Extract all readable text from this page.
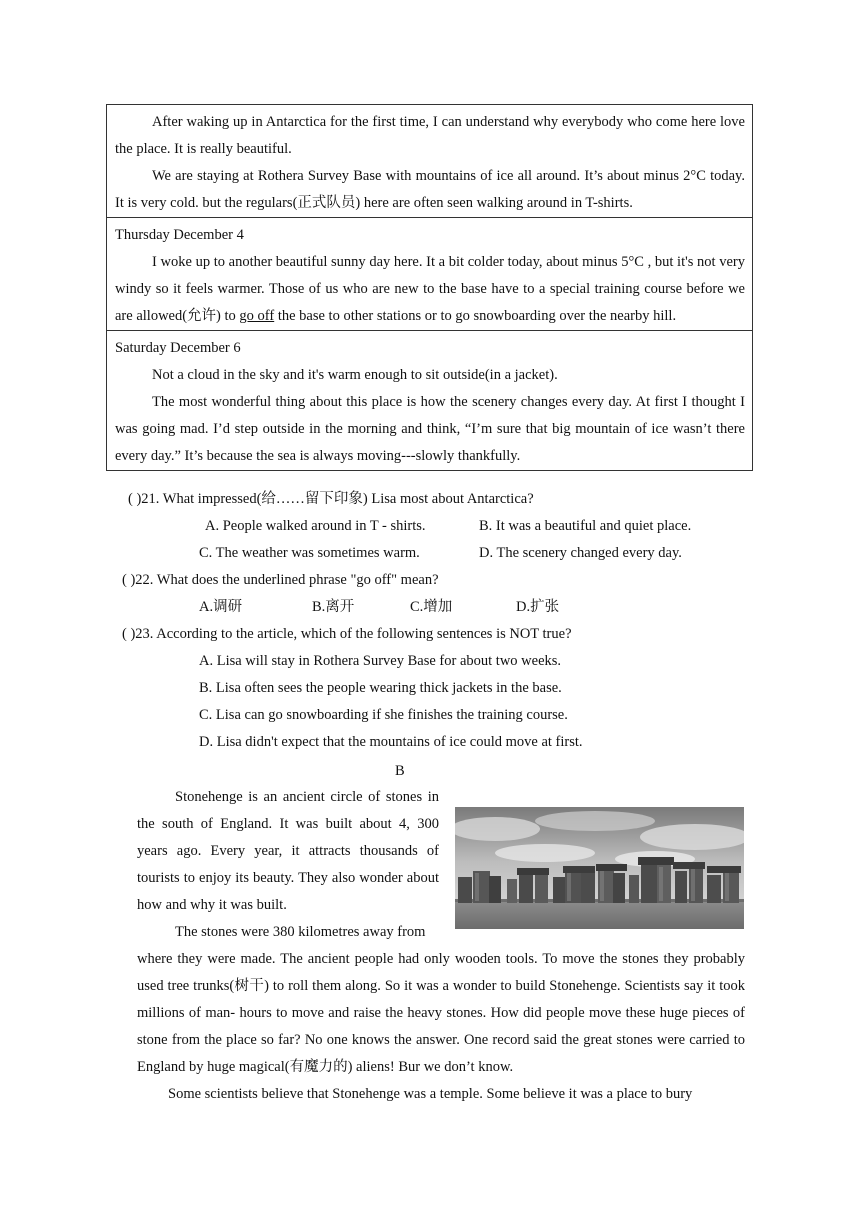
After waking up in Antarctica for the first time, I can understand why everybody who come here love the place. It is really beautiful.

We are staying at Rothera Survey Base with mountains of ice all around. It’s about minus 2°C today. It is very cold. but the regulars(正式队员) here are often seen walking around in T-shirts.

Thursday December 4

I woke up to another beautiful sunny day here. It a bit colder today, about minus 5°C , but it's not very windy so it feels warmer. Those of us who are new to the base have to a special training course before we are allowed(允许) to go off the base to other stations or to go snowboarding over the nearby hill.

Saturday December 6

Not a cloud in the sky and it's warm enough to sit outside(in a jacket).

The most wonderful thing about this place is how the scenery changes every day. At first I thought I was going mad. I’d step outside in the morning and think, “I’m sure that big mountain of ice wasn’t there every day.” It’s because the sea is always moving---slowly thankfully.

( )21. What impressed(给……留下印象) Lisa most about Antarctica?
A. People walked around in T - shirts.	B. It was a beautiful and quiet place.
C. The weather was sometimes warm.	D. The scenery changed every day.
( )22. What does the underlined phrase "go off" mean?
A.调研	B.离开	C.增加	D.扩张
( )23. According to the article, which of the following sentences is NOT true?
A. Lisa will stay in Rothera Survey Base for about two weeks.
B. Lisa often sees the people wearing thick jackets in the base.
C. Lisa can go snowboarding if she finishes the training course.
D. Lisa didn't expect that the mountains of ice could move at first.
B

Stonehenge is an ancient circle of stones in the south of England. It was built about 4, 300 years ago. Every year, it attracts thousands of tourists to enjoy its beauty. They also wonder about how and why it was built.

The stones were 380 kilometres away from

where they were made. The ancient people had only wooden tools. To move the stones they probably used tree trunks(树干) to roll them along. So it was a wonder to build Stonehenge. Scientists say it took millions of man- hours to move and raise the heavy stones. How did people move these huge pieces of stone from the place so far? No one knows the answer. One record said the great stones were carried to England by huge magical(有魔力的) aliens! Bur we don’t know.

Some scientists believe that Stonehenge was a temple. Some believe it was a place to bury
